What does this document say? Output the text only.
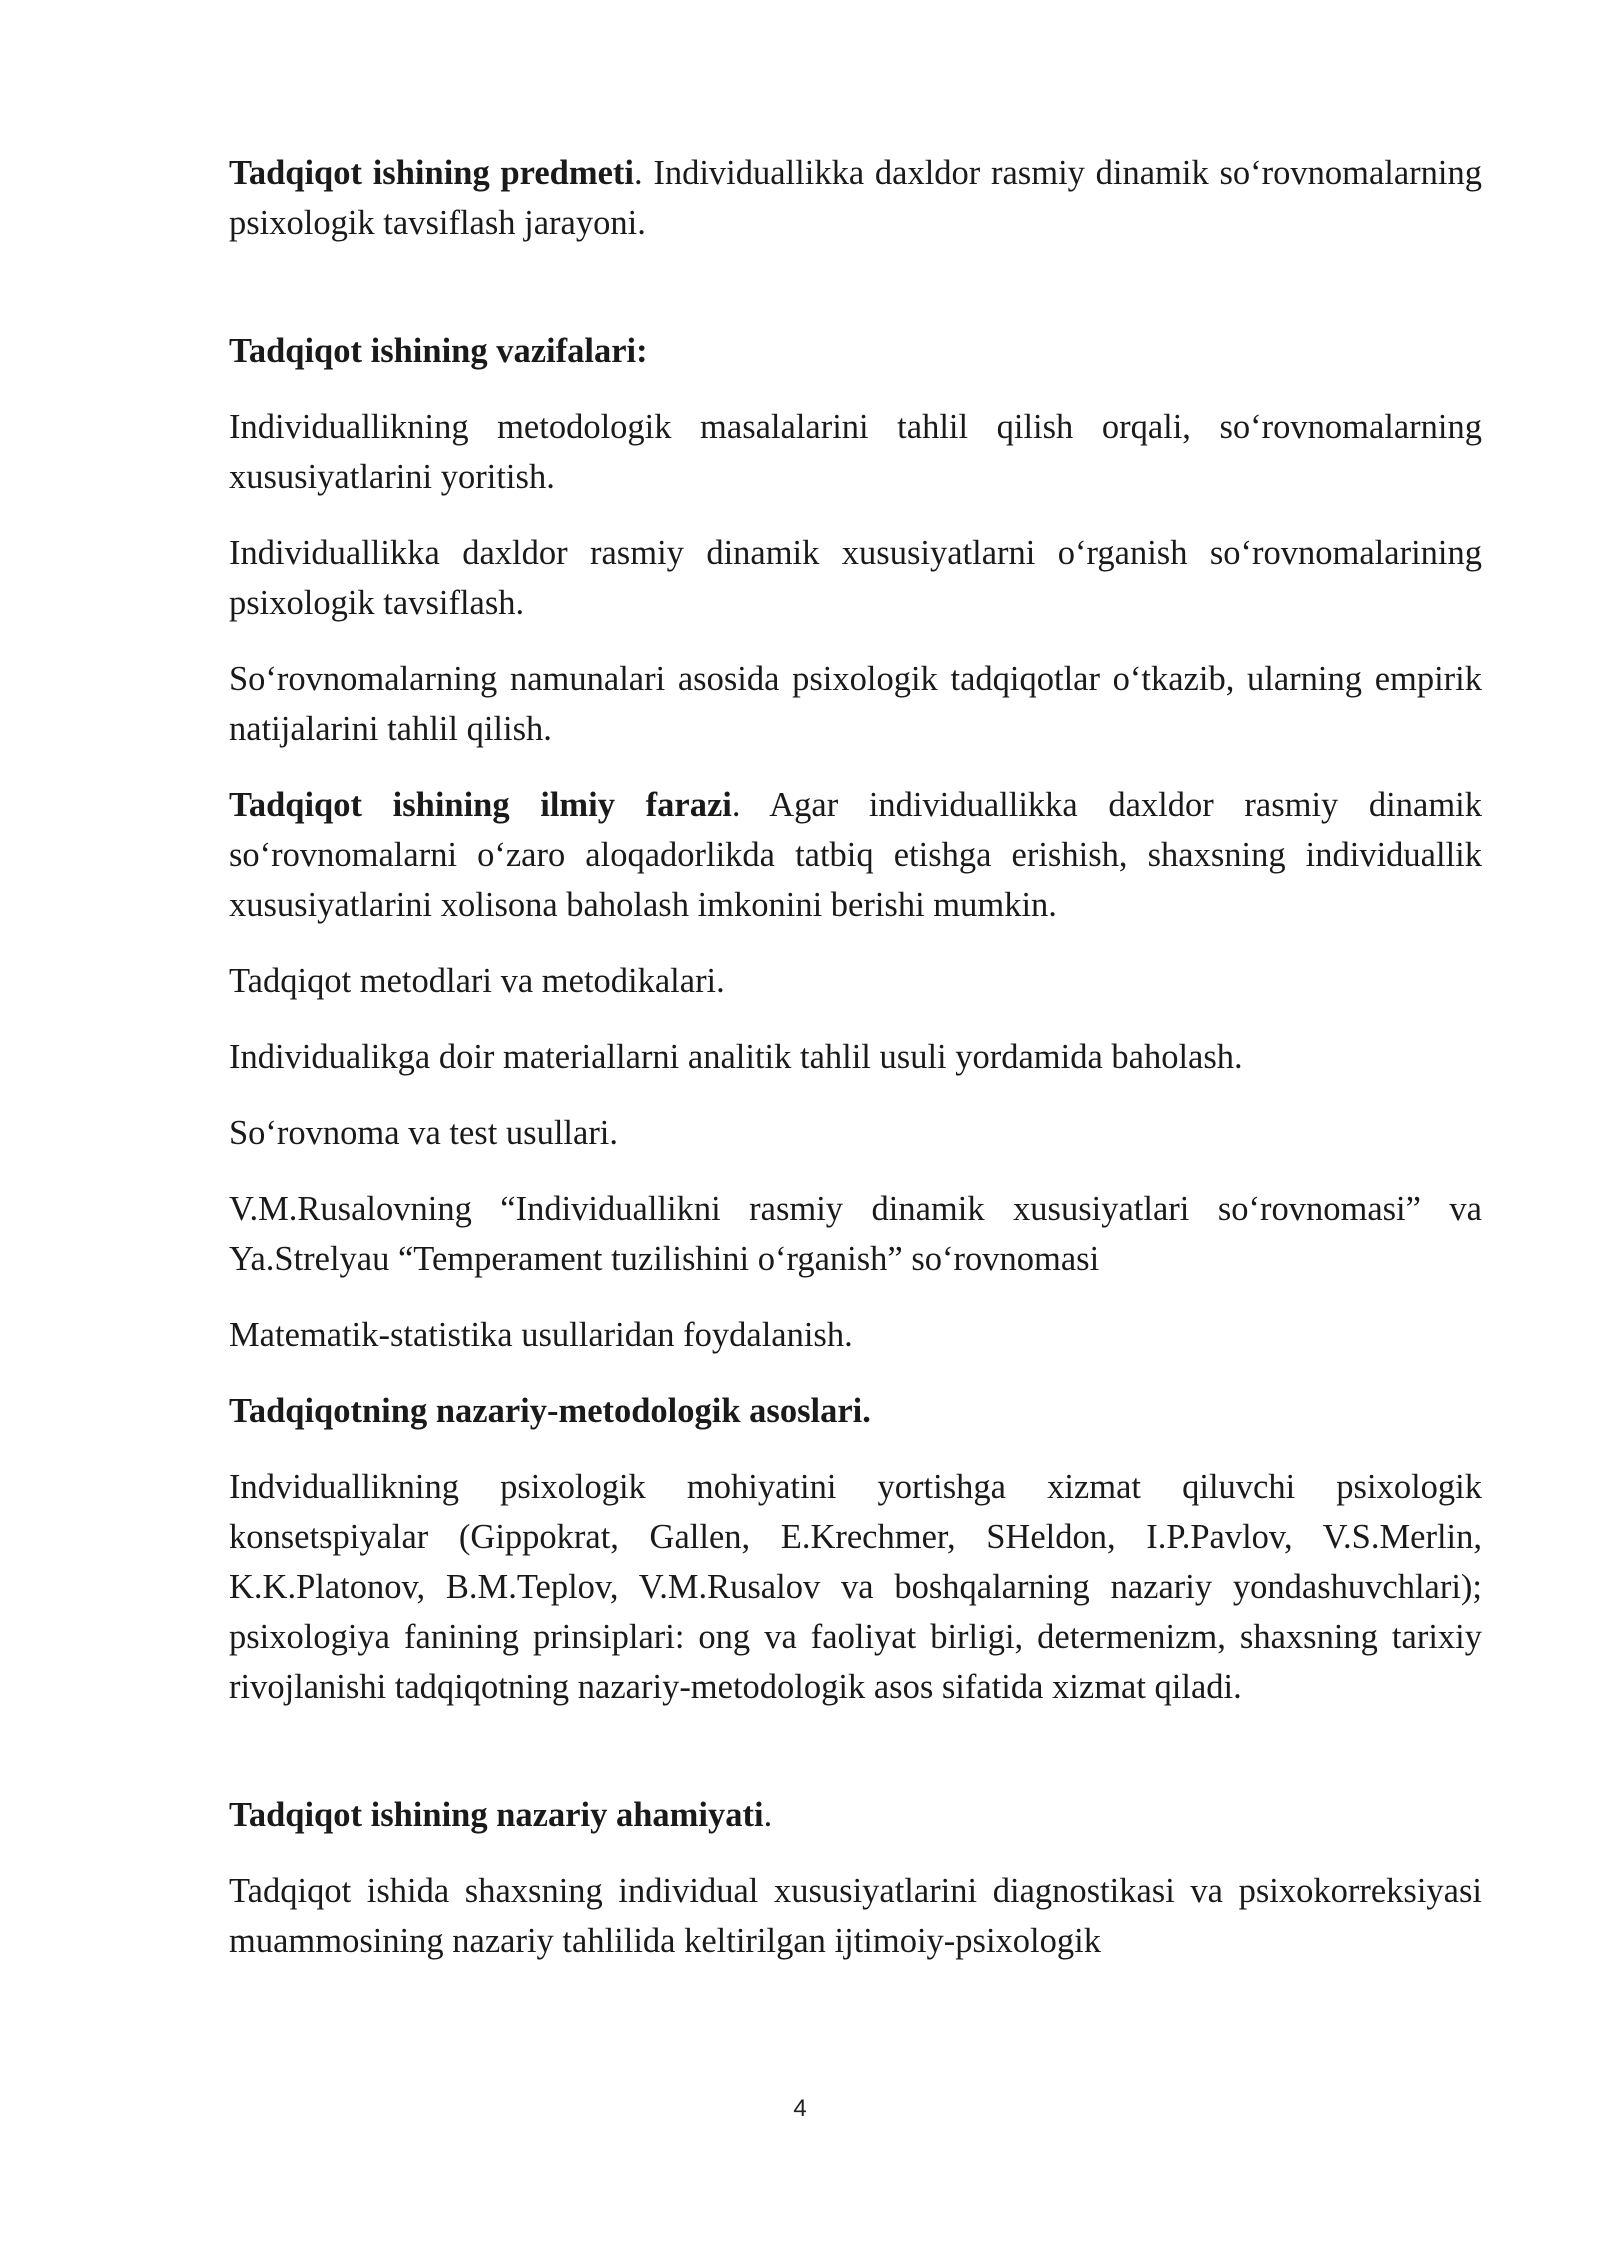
Tadqiqot ishining predmeti. Individuallikka daxldor rasmiy dinamik so‘rovnomalarning psixologik tavsiflash jarayoni.

Tadqiqot ishining vazifalari:

Individuallikning metodologik masalalarini tahlil qilish orqali, so‘rovnomalarning xususiyatlarini yoritish.

Individuallikka daxldor rasmiy dinamik xususiyatlarni o‘rganish so‘rovnomalarining psixologik tavsiflash.

So‘rovnomalarning namunalari asosida psixologik tadqiqotlar o‘tkazib, ularning empirik natijalarini tahlil qilish.

Tadqiqot ishining ilmiy farazi. Agar individuallikka daxldor rasmiy dinamik so‘rovnomalarni o‘zaro aloqadorlikda tatbiq etishga erishish, shaxsning individuallik xususiyatlarini xolisona baholash imkonini berishi mumkin.

Tadqiqot metodlari va metodikalari.

Individualikga doir materiallarni analitik tahlil usuli yordamida baholash.

So‘rovnoma va test usullari.

V.M.Rusalovning “Individuallikni rasmiy dinamik xususiyatlari so‘rovnomasi” va Ya.Strelyau “Temperament tuzilishini o‘rganish” so‘rovnomasi

Matematik-statistika usullaridan foydalanish.

Tadqiqotning nazariy-metodologik asoslari.

Indviduallikning psixologik mohiyatini yortishga xizmat qiluvchi psixologik konsetspiyalar (Gippokrat, Gallen, E.Krechmer, SHeldon, I.P.Pavlov, V.S.Merlin, K.K.Platonov, B.M.Teplov, V.M.Rusalov va boshqalarning nazariy yondashuvchlari); psixologiya fanining prinsiplari: ong va faoliyat birligi, determenizm, shaxsning tarixiy rivojlanishi tadqiqotning nazariy-metodologik asos sifatida xizmat qiladi.

Tadqiqot ishining nazariy ahamiyati.

Tadqiqot ishida shaxsning individual xususiyatlarini diagnostikasi va psixokorreksiyasi muammosining nazariy tahlilida keltirilgan ijtimoiy-psixologik

4
